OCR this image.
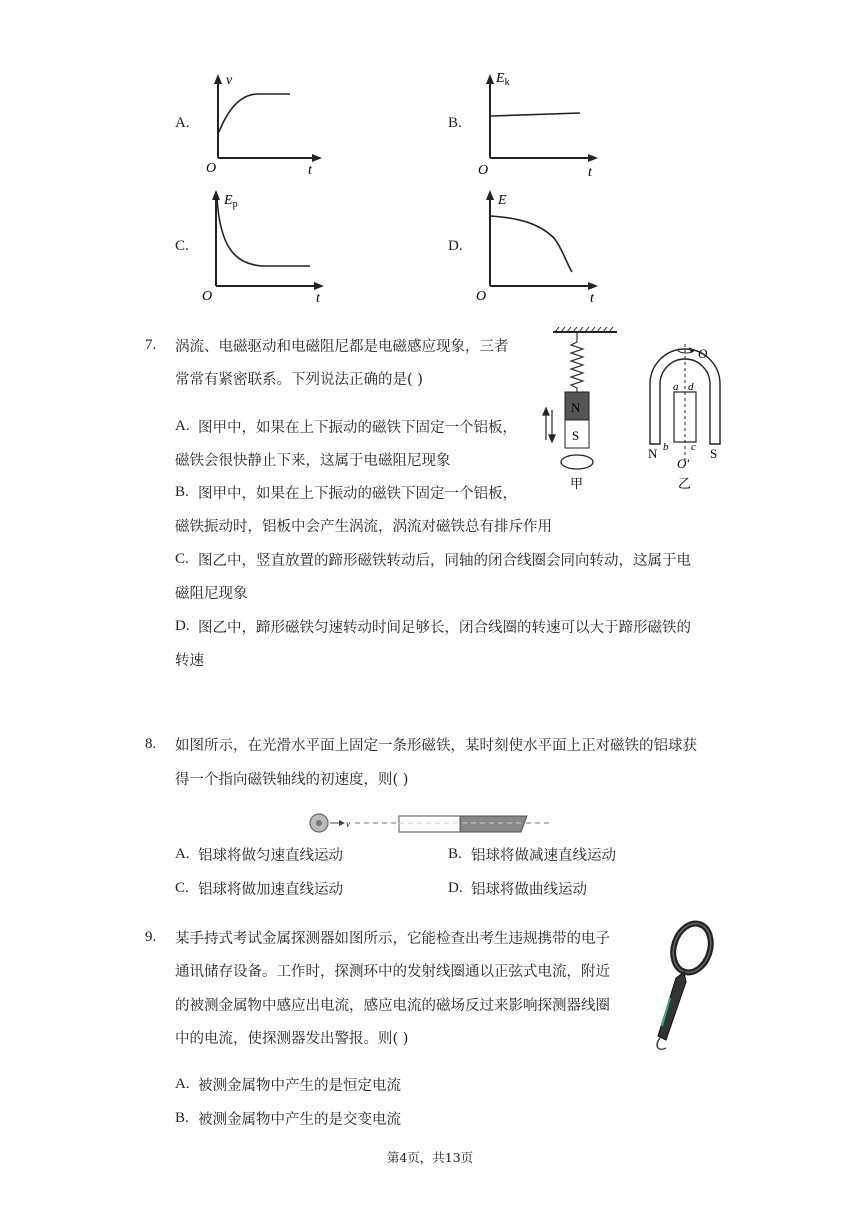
A.
v
O	t
B.
$E_k$
O	t
C.
$E_p$
O	t
D.
E
O	t
7. 涡流、电磁驱动和电磁阻尼都是电磁感应现象，三者
常常有紧密联系。下列说法正确的是( )
A. 图甲中，如果在上下振动的磁铁下固定一个铝板，
磁铁会很快静止下来，这属于电磁阻尼现象
B. 图甲中，如果在上下振动的磁铁下固定一个铝板，
磁铁振动时，铝板中会产生涡流，涡流对磁铁总有排斥作用
C. 图乙中，竖直放置的蹄形磁铁转动后，同轴的闭合线圈会同向转动，这属于电
磁阻尼现象
D. 图乙中，蹄形磁铁匀速转动时间足够长，闭合线圈的转速可以大于蹄形磁铁的
转速
N
S
甲
O
a d
b c
N	S
O′
乙
8. 如图所示，在光滑水平面上固定一条形磁铁，某时刻使水平面上正对磁铁的铝球获
得一个指向磁铁轴线的初速度，则( )
v
A. 铝球将做匀速直线运动	B. 铝球将做减速直线运动
C. 铝球将做加速直线运动	D. 铝球将做曲线运动
9. 某手持式考试金属探测器如图所示，它能检查出考生违规携带的电子
通讯储存设备。工作时，探测环中的发射线圈通以正弦式电流，附近
的被测金属物中感应出电流，感应电流的磁场反过来影响探测器线圈
中的电流，使探测器发出警报。则( )
A. 被测金属物中产生的是恒定电流
B. 被测金属物中产生的是交变电流
第4页，共13页
